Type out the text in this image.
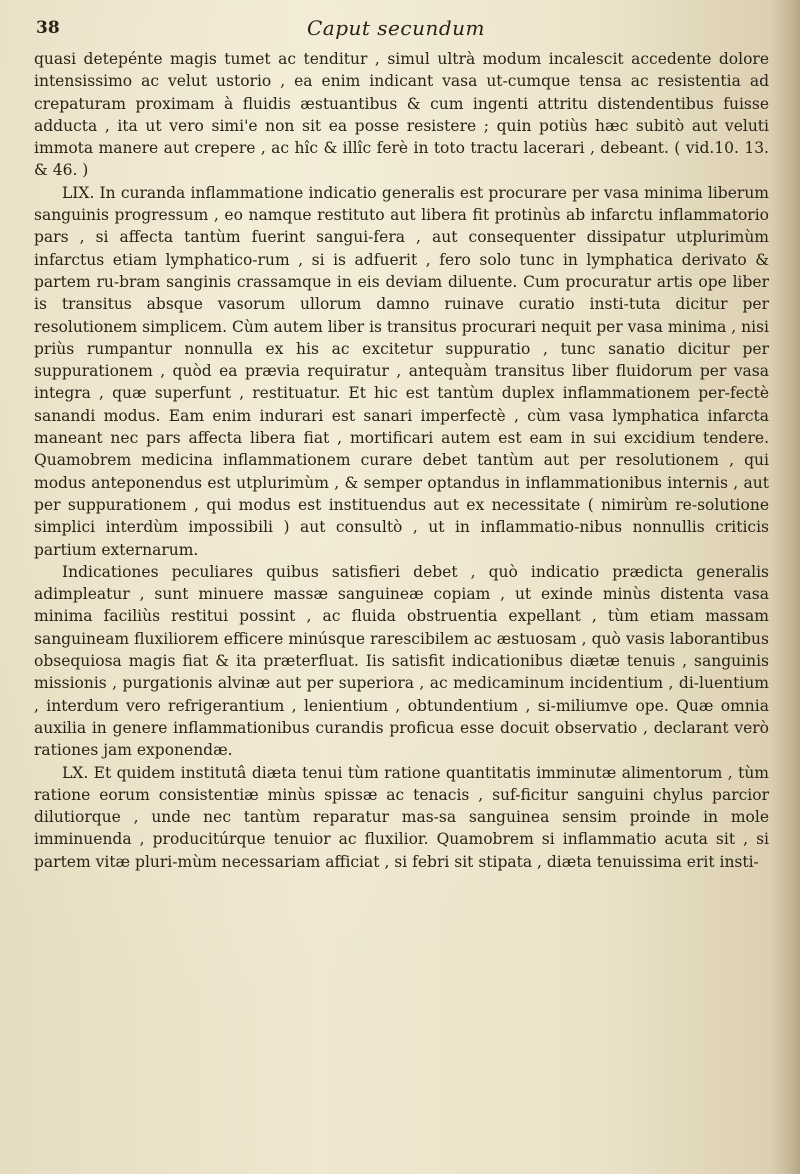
38	Caput secundum

quasi detepénte magis tumet ac tenditur , simul ultrà modum incalescit accedente dolore intensissimo ac velut ustorio , ea enim indicant vasa ut-cumque tensa ac resistentia ad crepaturam proximam à fluidis æstuantibus & cum ingenti attritu distendentibus fuisse adducta , ita ut vero simi'e non sit ea posse resistere ; quin potiùs hæc subitò aut veluti immota manere aut crepere , ac hîc & illîc ferè in toto tractu lacerari , debeant. ( vid.10. 13. & 46. )

LIX. In curanda inflammatione indicatio generalis est procurare per vasa minima liberum sanguinis progressum , eo namque restituto aut libera fit protinùs ab infarctu inflammatorio pars , si affecta tantùm fuerint sangui-fera , aut consequenter dissipatur utplurimùm infarctus etiam lymphatico-rum , si is adfuerit , fero solo tunc in lymphatica derivato & partem ru-bram sanginis crassamque in eis deviam diluente. Cum procuratur artis ope liber is transitus absque vasorum ullorum damno ruinave curatio insti-tuta dicitur per resolutionem simplicem. Cùm autem liber is transitus procurari nequit per vasa minima , nisi priùs rumpantur nonnulla ex his ac excitetur suppuratio , tunc sanatio dicitur per suppurationem , quòd ea prævia requiratur , antequàm transitus liber fluidorum per vasa integra , quæ superfunt , restituatur. Et hic est tantùm duplex inflammationem per-fectè sanandi modus. Eam enim indurari est sanari imperfectè , cùm vasa lymphatica infarcta maneant nec pars affecta libera fiat , mortificari autem est eam in sui excidium tendere. Quamobrem medicina inflammationem curare debet tantùm aut per resolutionem , qui modus anteponendus est utplurimùm , & semper optandus in inflammationibus internis , aut per suppurationem , qui modus est instituendus aut ex necessitate ( nimirùm re-solutione simplici interdùm impossibili ) aut consultò , ut in inflammatio-nibus nonnullis criticis partium externarum.

Indicationes peculiares quibus satisfieri debet , quò indicatio prædicta generalis adimpleatur , sunt minuere massæ sanguineæ copiam , ut exinde minùs distenta vasa minima faciliùs restitui possint , ac fluida obstruentia expellant , tùm etiam massam sanguineam fluxiliorem efficere minúsque rarescibilem ac æstuosam , quò vasis laborantibus obsequiosa magis fiat & ita præterfluat. Iis satisfit indicationibus diætæ tenuis , sanguinis missionis , purgationis alvinæ aut per superiora , ac medicaminum incidentium , di-luentium , interdum vero refrigerantium , lenientium , obtundentium , si-miliumve ope. Quæ omnia auxilia in genere inflammationibus curandis proficua esse docuit observatio , declarant verò rationes jam exponendæ.

LX. Et quidem institutâ diæta tenui tùm ratione quantitatis imminutæ alimentorum , tùm ratione eorum consistentiæ minùs spissæ ac tenacis , suf-ficitur sanguini chylus parcior dilutiorque , unde nec tantùm reparatur mas-sa sanguinea sensim proinde in mole imminuenda , producitúrque tenuior ac fluxilior. Quamobrem si inflammatio acuta sit , si partem vitæ pluri-mùm necessariam afficiat , si febri sit stipata , diæta tenuissima erit insti-
